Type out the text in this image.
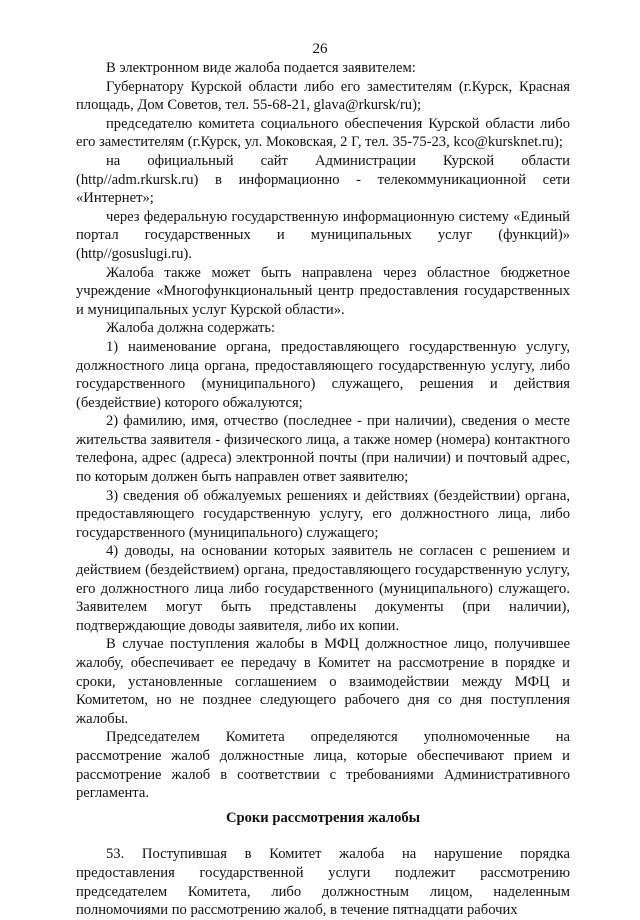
26

В электронном виде жалоба подается заявителем:

Губернатору Курской области либо его заместителям (г.Курск, Красная площадь, Дом Советов, тел. 55-68-21, glava@rkursk/ru);

председателю комитета социального обеспечения Курской области либо его заместителям (г.Курск, ул. Моковская, 2 Г, тел. 35-75-23, kco@kursknet.ru);

на официальный сайт Администрации Курской области (http//adm.rkursk.ru) в информационно - телекоммуникационной сети «Интернет»;

через федеральную государственную информационную систему «Единый портал государственных и муниципальных услуг (функций)» (http//gosuslugi.ru).

Жалоба также может быть направлена через областное бюджетное учреждение «Многофункциональный центр предоставления государственных и муниципальных услуг Курской области».

Жалоба должна содержать:

1) наименование органа, предоставляющего государственную услугу, должностного лица органа, предоставляющего государственную услугу, либо государственного (муниципального) служащего, решения и действия (бездействие) которого обжалуются;

2) фамилию, имя, отчество (последнее - при наличии), сведения о месте жительства заявителя - физического лица, а также номер (номера) контактного телефона, адрес (адреса) электронной почты (при наличии) и почтовый адрес, по которым должен быть направлен ответ заявителю;

3) сведения об обжалуемых решениях и действиях (бездействии) органа, предоставляющего государственную услугу, его должностного лица, либо государственного (муниципального) служащего;

4) доводы, на основании которых заявитель не согласен с решением и действием (бездействием) органа, предоставляющего государственную услугу, его должностного лица либо государственного (муниципального) служащего. Заявителем могут быть представлены документы (при наличии), подтверждающие доводы заявителя, либо их копии.

В случае поступления жалобы в МФЦ должностное лицо, получившее жалобу, обеспечивает ее передачу в Комитет на рассмотрение в порядке и сроки, установленные соглашением о взаимодействии между МФЦ и Комитетом, но не позднее следующего рабочего дня со дня поступления жалобы.

Председателем Комитета определяются уполномоченные на рассмотрение жалоб должностные лица, которые обеспечивают прием и рассмотрение жалоб в соответствии с требованиями Административного регламента.

Сроки рассмотрения жалобы

53. Поступившая в Комитет жалоба на нарушение порядка предоставления государственной услуги подлежит рассмотрению председателем Комитета, либо должностным лицом, наделенным полномочиями по рассмотрению жалоб, в течение пятнадцати рабочих
